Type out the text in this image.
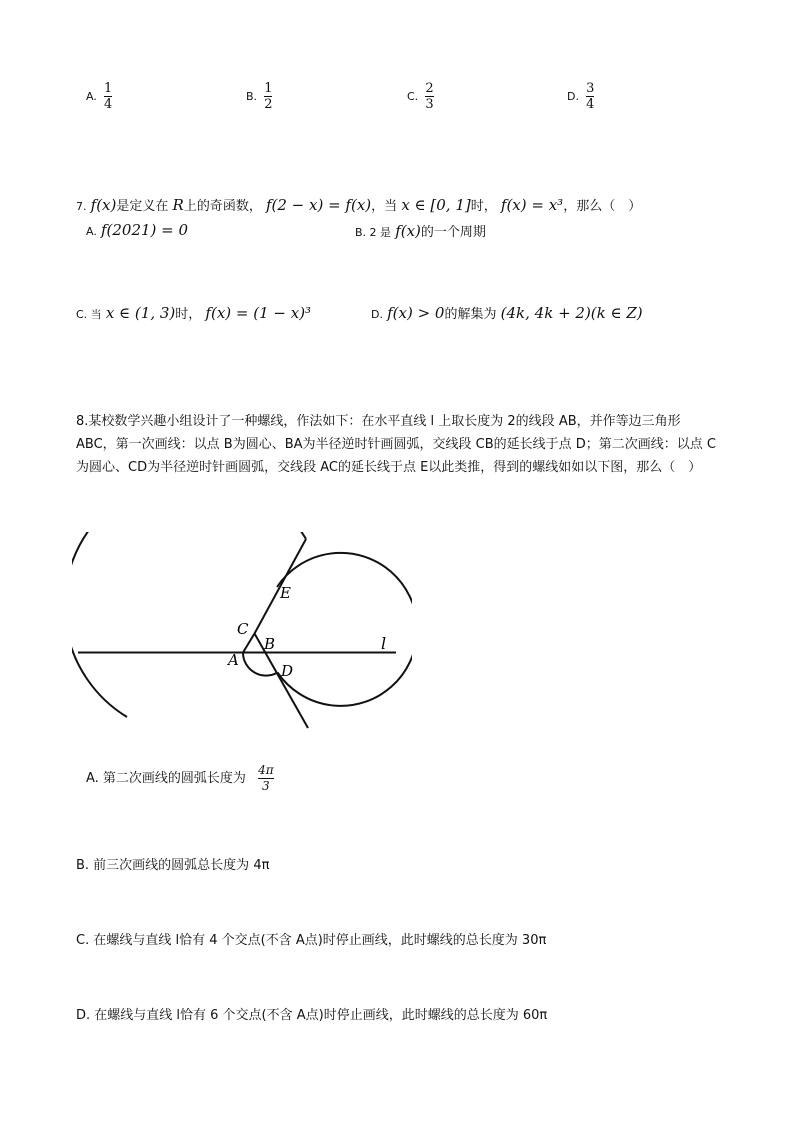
A. $\frac{1}{4}$	B. $\frac{1}{2}$	C. $\frac{2}{3}$	D. $\frac{3}{4}$
7. f(x)是定义在 R上的奇函数， f(2 − x) = f(x)，当 x ∈ [0, 1]时， f(x) = x³，那么（　）
A. f(2021) = 0	B. 2 是 f(x)的一个周期
C. 当 x ∈ (1, 3)时， f(x) = (1 − x)³	D. f(x) > 0的解集为 (4k, 4k + 2)(k ∈ Z)
8.某校数学兴趣小组设计了一种螺线，作法如下：在水平直线 l 上取长度为 2的线段 AB，并作等边三角形 ABC，第一次画线：以点 B为圆心、BA为半径逆时针画圆弧，交线段 CB的延长线于点 D；第二次画线：以点 C为圆心、CD为半径逆时针画圆弧，交线段 AC的延长线于点 E以此类推，得到的螺线如如以下图，那么（　）
C
A
B
D
E
l
A. 第二次画线的圆弧长度为 $\frac{4\pi}{3}$
B. 前三次画线的圆弧总长度为 4π
C. 在螺线与直线 l恰有 4 个交点(不含 A点)时停止画线，此时螺线的总长度为 30π
D. 在螺线与直线 l恰有 6 个交点(不含 A点)时停止画线，此时螺线的总长度为 60π
